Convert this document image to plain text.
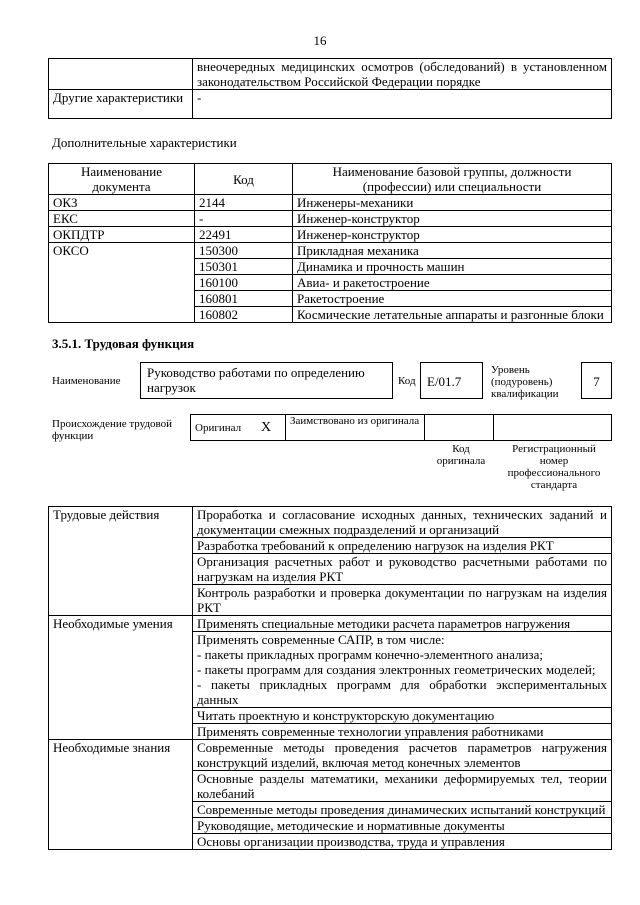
16
	внеочередных медицинских осмотров (обследований) в установленном законодательством Российской Федерации порядке
Другие характеристики	-
Дополнительные характеристики
Наименование документа	Код	Наименование базовой группы, должности (профессии) или специальности
ОКЗ	2144	Инженеры-механики
ЕКС	-	Инженер-конструктор
ОКПДТР	22491	Инженер-конструктор
ОКСО	150300	Прикладная механика
	150301	Динамика и прочность машин
	160100	Авиа- и ракетостроение
	160801	Ракетостроение
	160802	Космические летательные аппараты и разгонные блоки
3.5.1. Трудовая функция
Наименование
Руководство работами по определению нагрузок	Код E/01.7
Уровень (подуровень) квалификации
7
Происхождение трудовой функции
Оригинал	X	Заимствовано из оригинала		
Код оригинала
Регистрационный номер профессионального стандарта
Трудовые действия	Проработка и согласование исходных данных, технических заданий и документации смежных подразделений и организаций
	Разработка требований к определению нагрузок на изделия РКТ
	Организация расчетных работ и руководство расчетными работами по нагрузкам на изделия РКТ
	Контроль разработки и проверка документации по нагрузкам на изделия РКТ
Необходимые умения	Применять специальные методики расчета параметров нагружения

	Применять современные САПР, в том числе:
- пакеты прикладных программ конечно-элементного анализа;
- пакеты программ для создания электронных геометрических моделей;
- пакеты прикладных программ для обработки экспериментальных данных

	Читать проектную и конструкторскую документацию
	Применять современные технологии управления работниками
Необходимые знания	Современные методы проведения расчетов параметров нагружения конструкций изделий, включая метод конечных элементов
	Основные разделы математики, механики деформируемых тел, теории колебаний
	Современные методы проведения динамических испытаний конструкций
	Руководящие, методические и нормативные документы
	Основы организации производства, труда и управления
